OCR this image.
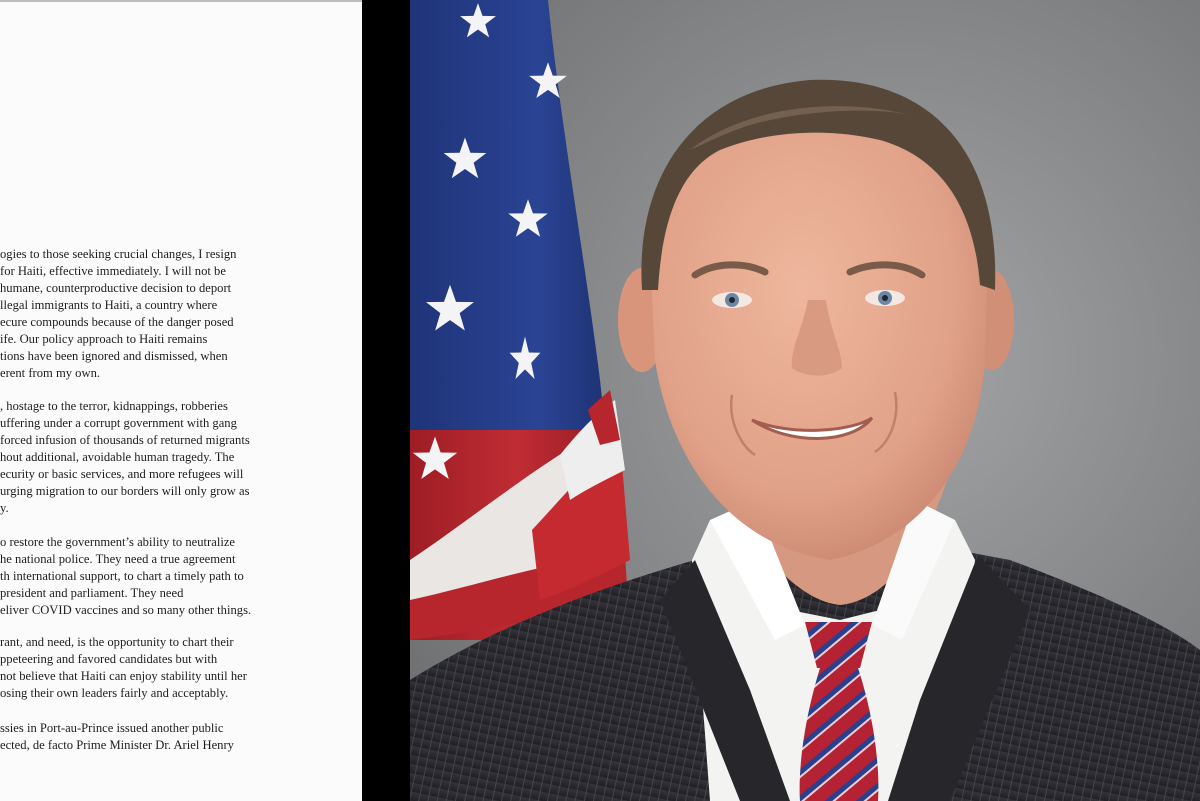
ogies to those seeking crucial changes, I resign
for Haiti, effective immediately. I will not be
humane, counterproductive decision to deport
llegal immigrants to Haiti, a country where
ecure compounds because of the danger posed
ife. Our policy approach to Haiti remains
tions have been ignored and dismissed, when
erent from my own.

, hostage to the terror, kidnappings, robberies
uffering under a corrupt government with gang
forced infusion of thousands of returned migrants
hout additional, avoidable human tragedy. The
ecurity or basic services, and more refugees will
urging migration to our borders will only grow as
y.

o restore the government’s ability to neutralize
he national police. They need a true agreement
th international support, to chart a timely path to
president and parliament. They need
eliver COVID vaccines and so many other things.

rant, and need, is the opportunity to chart their
ppeteering and favored candidates but with
not believe that Haiti can enjoy stability until her
osing their own leaders fairly and acceptably.

ssies in Port-au-Prince issued another public
ected, de facto Prime Minister Dr. Ariel Henry
